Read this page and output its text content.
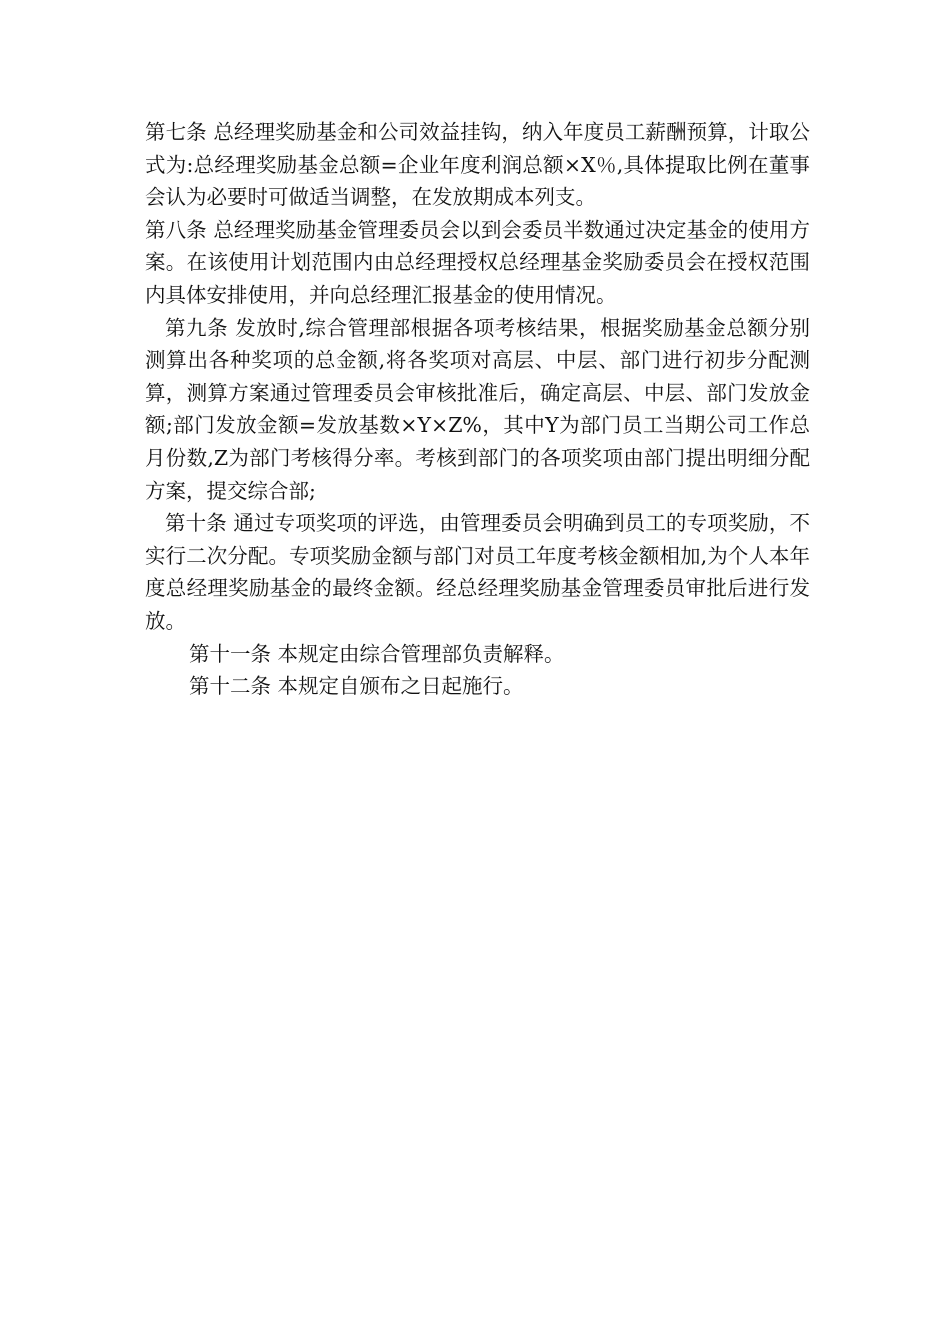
第七条 总经理奖励基金和公司效益挂钩，纳入年度员工薪酬预算，计取公式为:总经理奖励基金总额=企业年度利润总额×X％,具体提取比例在董事会认为必要时可做适当调整，在发放期成本列支。

第八条 总经理奖励基金管理委员会以到会委员半数通过决定基金的使用方案。在该使用计划范围内由总经理授权总经理基金奖励委员会在授权范围内具体安排使用，并向总经理汇报基金的使用情况。

第九条 发放时,综合管理部根据各项考核结果，根据奖励基金总额分别测算出各种奖项的总金额,将各奖项对高层、中层、部门进行初步分配测算，测算方案通过管理委员会审核批准后，确定高层、中层、部门发放金额;部门发放金额=发放基数×Y×Z%，其中Y为部门员工当期公司工作总月份数,Z为部门考核得分率。考核到部门的各项奖项由部门提出明细分配方案，提交综合部;

第十条 通过专项奖项的评选，由管理委员会明确到员工的专项奖励，不实行二次分配。专项奖励金额与部门对员工年度考核金额相加,为个人本年度总经理奖励基金的最终金额。经总经理奖励基金管理委员审批后进行发放。

第十一条 本规定由综合管理部负责解释。

第十二条 本规定自颁布之日起施行。
